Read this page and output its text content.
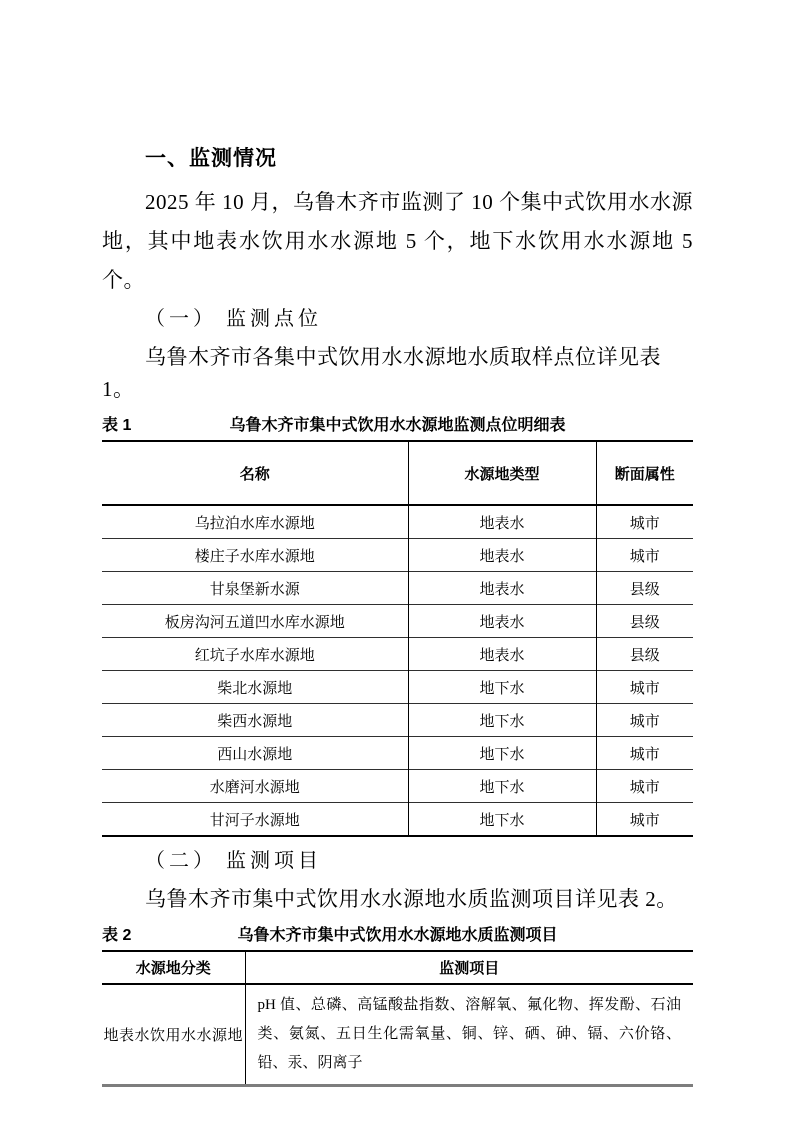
一、监测情况

2025 年 10 月，乌鲁木齐市监测了 10 个集中式饮用水水源地，其中地表水饮用水水源地 5 个，地下水饮用水水源地 5 个。

（一） 监测点位

乌鲁木齐市各集中式饮用水水源地水质取样点位详见表 1。

表 1	乌鲁木齐市集中式饮用水水源地监测点位明细表
名称	水源地类型	断面属性
乌拉泊水库水源地	地表水	城市
楼庄子水库水源地	地表水	城市
甘泉堡新水源	地表水	县级
板房沟河五道凹水库水源地	地表水	县级
红坑子水库水源地	地表水	县级
柴北水源地	地下水	城市
柴西水源地	地下水	城市
西山水源地	地下水	城市
水磨河水源地	地下水	城市
甘河子水源地	地下水	城市
（二） 监测项目

乌鲁木齐市集中式饮用水水源地水质监测项目详见表 2。

表 2	乌鲁木齐市集中式饮用水水源地水质监测项目
水源地分类	监测项目
地表水饮用水水源地	pH 值、总磷、高锰酸盐指数、溶解氧、氟化物、挥发酚、石油类、氨氮、五日生化需氧量、铜、锌、硒、砷、镉、六价铬、铅、汞、阴离子
